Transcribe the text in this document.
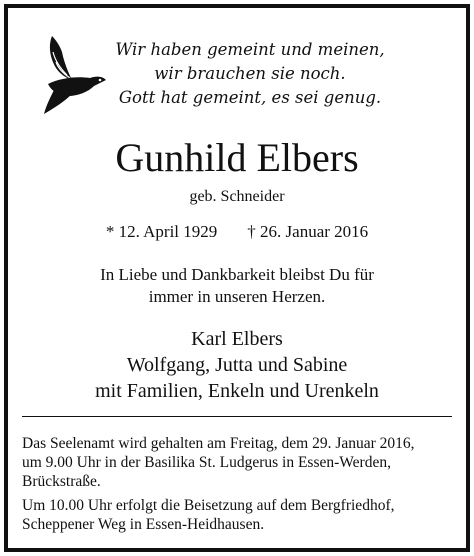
Wir haben gemeint und meinen,
wir brauchen sie noch.
Gott hat gemeint, es sei genug.
Gunhild Elbers
geb. Schneider
* 12. April 1929 † 26. Januar 2016
In Liebe und Dankbarkeit bleibst Du für
immer in unseren Herzen.
Karl Elbers
Wolfgang, Jutta und Sabine
mit Familien, Enkeln und Urenkeln
Das Seelenamt wird gehalten am Freitag, dem 29. Januar 2016,
um 9.00 Uhr in der Basilika St. Ludgerus in Essen-Werden,
Brückstraße.
Um 10.00 Uhr erfolgt die Beisetzung auf dem Bergfriedhof,
Scheppener Weg in Essen-Heidhausen.
